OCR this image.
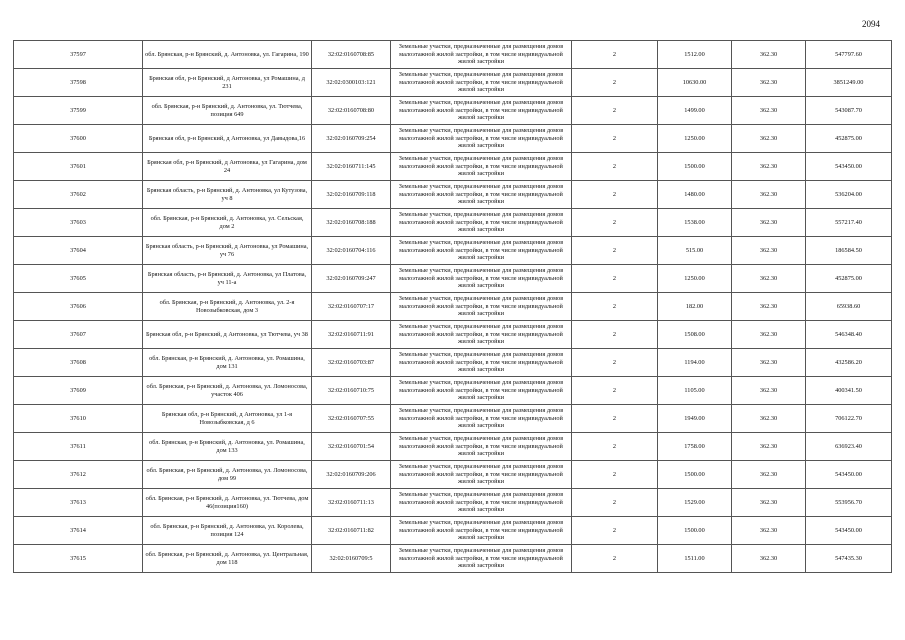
2094
37597	обл. Брянская, р-н Брянский, д. Антоновка, ул. Гагарина, 190	32:02:0160708:85	Земельные участки, предназначенные для размещения домов малоэтажной жилой застройки, в том числе индивидуальной жилой застройки	2	1512.00	362.30	547797.60
37598	Брянская обл, р-н Брянский, д Антоновка, ул Ромашина, д 231	32:02:0300103:121	Земельные участки, предназначенные для размещения домов малоэтажной жилой застройки, в том числе индивидуальной жилой застройки	2	10630.00	362.30	3851249.00
37599	обл. Брянская, р-н Брянский, д. Антоновка, ул. Тютчева, позиция 649	32:02:0160708:80	Земельные участки, предназначенные для размещения домов малоэтажной жилой застройки, в том числе индивидуальной жилой застройки	2	1499.00	362.30	543087.70
37600	Брянская обл, р-н Брянский, д Антоновка, ул Давыдова,16	32:02:0160709:254	Земельные участки, предназначенные для размещения домов малоэтажной жилой застройки, в том числе индивидуальной жилой застройки	2	1250.00	362.30	452875.00
37601	Брянская обл, р-н Брянский, д Антоновка, ул Гагарина, дом 24	32:02:0160711:145	Земельные участки, предназначенные для размещения домов малоэтажной жилой застройки, в том числе индивидуальной жилой застройки	2	1500.00	362.30	543450.00
37602	Брянская область, р-н Брянский, д. Антоновка, ул Кутузова, уч 8	32:02:0160709:118	Земельные участки, предназначенные для размещения домов малоэтажной жилой застройки, в том числе индивидуальной жилой застройки	2	1480.00	362.30	536204.00
37603	обл. Брянская, р-н Брянский, д. Антоновка, ул. Сельская, дом 2	32:02:0160708:188	Земельные участки, предназначенные для размещения домов малоэтажной жилой застройки, в том числе индивидуальной жилой застройки	2	1538.00	362.30	557217.40
37604	Брянская область, р-н Брянский, д Антоновка, ул Ромашина, уч 76	32:02:0160704:116	Земельные участки, предназначенные для размещения домов малоэтажной жилой застройки, в том числе индивидуальной жилой застройки	2	515.00	362.30	186584.50
37605	Брянская область, р-н Брянский, д. Антоновка, ул Платова, уч 11-а	32:02:0160709:247	Земельные участки, предназначенные для размещения домов малоэтажной жилой застройки, в том числе индивидуальной жилой застройки	2	1250.00	362.30	452875.00
37606	обл. Брянская, р-н Брянский, д. Антоновка, ул. 2-я Новозыбковская, дом 3	32:02:0160707:17	Земельные участки, предназначенные для размещения домов малоэтажной жилой застройки, в том числе индивидуальной жилой застройки	2	182.00	362.30	65938.60
37607	Брянская обл, р-н Брянский, д Антоновка, ул Тютчева, уч 38	32:02:0160711:91	Земельные участки, предназначенные для размещения домов малоэтажной жилой застройки, в том числе индивидуальной жилой застройки	2	1508.00	362.30	546348.40
37608	обл. Брянская, р-н Брянский, д. Антоновка, ул. Ромашина, дом 131	32:02:0160703:87	Земельные участки, предназначенные для размещения домов малоэтажной жилой застройки, в том числе индивидуальной жилой застройки	2	1194.00	362.30	432586.20
37609	обл. Брянская, р-н Брянский, д. Антоновка, ул. Ломоносова, участок 406	32:02:0160710:75	Земельные участки, предназначенные для размещения домов малоэтажной жилой застройки, в том числе индивидуальной жилой застройки	2	1105.00	362.30	400341.50
37610	Брянская обл, р-н Брянский, д Антоновка, ул 1-я Новозыбковская, д 6	32:02:0160707:55	Земельные участки, предназначенные для размещения домов малоэтажной жилой застройки, в том числе индивидуальной жилой застройки	2	1949.00	362.30	706122.70
37611	обл. Брянская, р-н Брянский, д. Антоновка, ул. Ромашина, дом 133	32:02:0160701:54	Земельные участки, предназначенные для размещения домов малоэтажной жилой застройки, в том числе индивидуальной жилой застройки	2	1758.00	362.30	636923.40
37612	обл. Брянская, р-н Брянский, д. Антоновка, ул. Ломоносова, дом 99	32:02:0160709:206	Земельные участки, предназначенные для размещения домов малоэтажной жилой застройки, в том числе индивидуальной жилой застройки	2	1500.00	362.30	543450.00
37613	обл. Брянская, р-н Брянский, д. Антоновка, ул. Тютчева, дом 46(позиция160)	32:02:0160711:13	Земельные участки, предназначенные для размещения домов малоэтажной жилой застройки, в том числе индивидуальной жилой застройки	2	1529.00	362.30	553956.70
37614	обл. Брянская, р-н Брянский, д. Антоновка, ул. Королева, позиция 124	32:02:0160711:82	Земельные участки, предназначенные для размещения домов малоэтажной жилой застройки, в том числе индивидуальной жилой застройки	2	1500.00	362.30	543450.00
37615	обл. Брянская, р-н Брянский, д. Антоновка, ул. Центральная, дом 118	32:02:0160709:5	Земельные участки, предназначенные для размещения домов малоэтажной жилой застройки, в том числе индивидуальной жилой застройки	2	1511.00	362.30	547435.30
